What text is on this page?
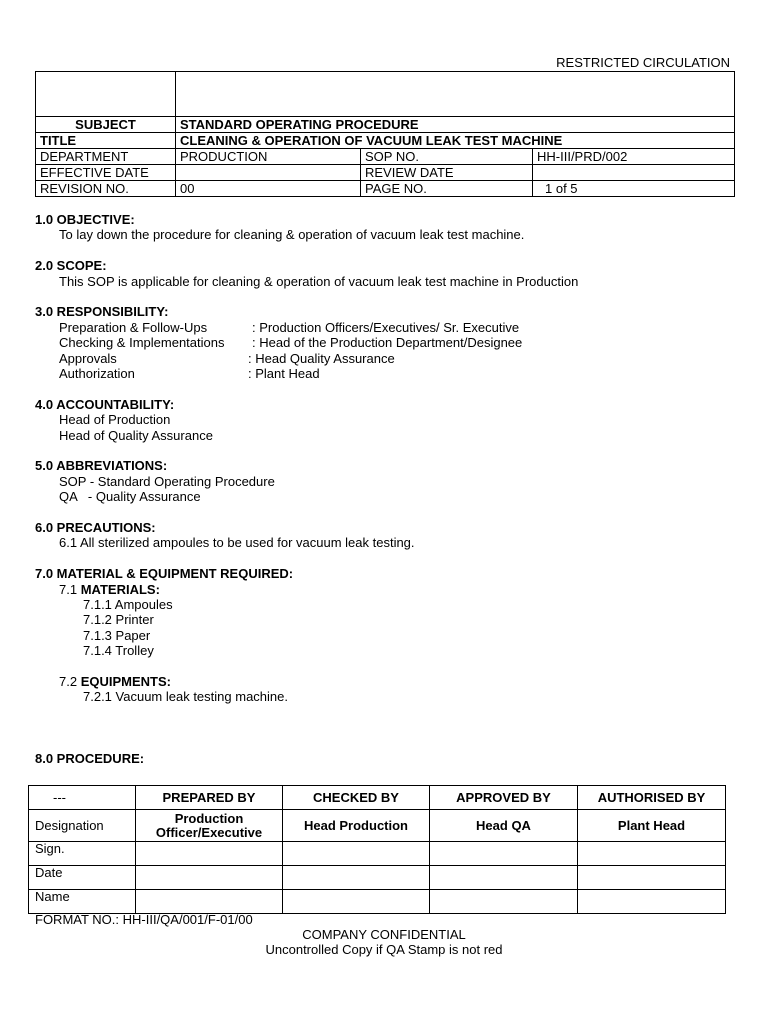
RESTRICTED CIRCULATION

SUBJECT	STANDARD OPERATING PROCEDURE		
TITLE	CLEANING & OPERATION OF VACUUM LEAK TEST MACHINE		
DEPARTMENT	PRODUCTION	SOP NO.	HH-III/PRD/002
EFFECTIVE DATE		REVIEW DATE	
REVISION NO.	00	PAGE NO.	1 of 5
1.0 OBJECTIVE:
To lay down the procedure for cleaning & operation of vacuum leak test machine.
2.0 SCOPE:
This SOP is applicable for cleaning & operation of vacuum leak test machine in Production
3.0 RESPONSIBILITY:
Preparation & Follow-Ups	: Production Officers/Executives/ Sr. Executive
Checking & Implementations	: Head of the Production Department/Designee
Approvals	: Head Quality Assurance
Authorization	: Plant Head
4.0 ACCOUNTABILITY:
Head of Production
Head of Quality Assurance
5.0 ABBREVIATIONS:
SOP - Standard Operating Procedure
QA   - Quality Assurance
6.0 PRECAUTIONS:
6.1 All sterilized ampoules to be used for vacuum leak testing.
7.0 MATERIAL & EQUIPMENT REQUIRED:
7.1 MATERIALS:
7.1.1 Ampoules
7.1.2 Printer
7.1.3 Paper
7.1.4 Trolley
7.2 EQUIPMENTS:
7.2.1 Vacuum leak testing machine.
8.0 PROCEDURE:
---	PREPARED BY	CHECKED BY	APPROVED BY	AUTHORISED BY
Designation	Production Officer/Executive	Head Production	Head QA	Plant Head
Sign.				
Date				
Name				
FORMAT NO.: HH-III/QA/001/F-01/00
COMPANY CONFIDENTIAL
Uncontrolled Copy if QA Stamp is not red
